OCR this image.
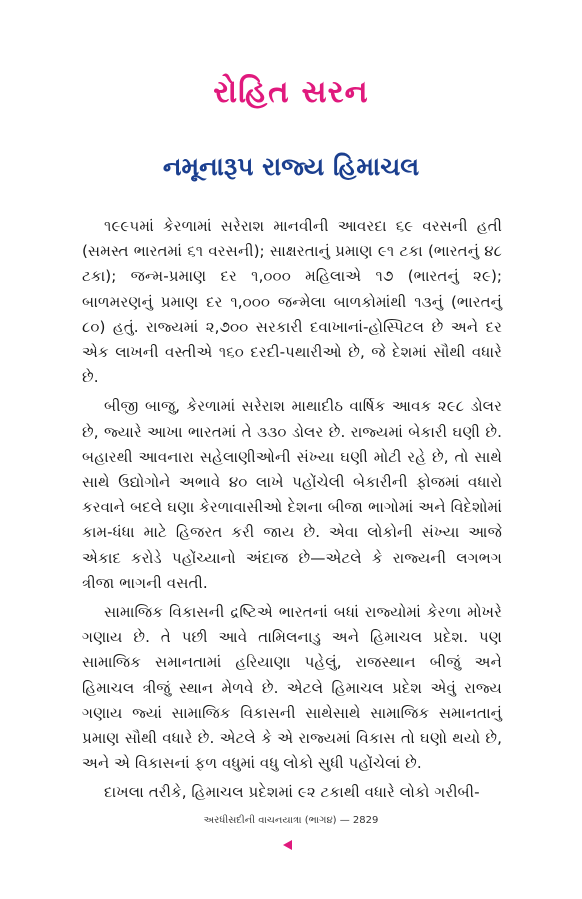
રોહિત સરન
નમૂનારૂપ રાજ્ય હિમાચલ

૧૯૯૫માં કેરળામાં સરેરાશ માનવીની આવરદા ૬૯ વરસની હતી (સમસ્ત ભારતમાં ૬૧ વરસની); સાક્ષરતાનું પ્રમાણ ૯૧ ટકા (ભારતનું ૪૮ ટકા); જન્મ-પ્રમાણ દર ૧,૦૦૦ મહિલાએ ૧૭ (ભારતનું ૨૯); બાળમરણનું પ્રમાણ દર ૧,૦૦૦ જન્મેલા બાળકોમાંથી ૧૩નું (ભારતનું ૮૦) હતું. રાજ્યમાં ૨,૭૦૦ સરકારી દવાખાનાં-હોસ્પિટલ છે અને દર એક લાખની વસ્તીએ ૧૬૦ દરદી-પથારીઓ છે, જે દેશમાં સૌથી વધારે છે.

બીજી બાજુ, કેરળામાં સરેરાશ માથાદીઠ વાર્ષિક આવક ૨૯૮ ડોલર છે, જ્યારે આખા ભારતમાં તે ૩૩૦ ડોલર છે. રાજ્યમાં બેકારી ઘણી છે. બહારથી આવનારા સહેલાણીઓની સંખ્યા ઘણી મોટી રહે છે, તો સાથે સાથે ઉદ્યોગોને અભાવે ૪૦ લાખે પહોંચેલી બેકારીની ફોજમાં વધારો કરવાને બદલે ઘણા કેરળાવાસીઓ દેશના બીજા ભાગોમાં અને વિદેશોમાં કામ-ધંધા માટે હિજરત કરી જાય છે. એવા લોકોની સંખ્યા આજે એકાદ કરોડે પહોંચ્યાનો અંદાજ છે—એટલે કે રાજ્યની લગભગ ત્રીજા ભાગની વસતી.

સામાજિક વિકાસની દ્રષ્ટિએ ભારતનાં બધાં રાજ્યોમાં કેરળા મોખરે ગણાય છે. તે પછી આવે તામિલનાડુ અને હિમાચલ પ્રદેશ. પણ સામાજિક સમાનતામાં હરિયાણા પહેલું, રાજસ્થાન બીજું અને હિમાચલ ત્રીજું સ્થાન મેળવે છે. એટલે હિમાચલ પ્રદેશ એવું રાજ્ય ગણાય જ્યાં સામાજિક વિકાસની સાથેસાથે સામાજિક સમાનતાનું પ્રમાણ સૌથી વધારે છે. એટલે કે એ રાજ્યમાં વિકાસ તો ઘણો થયો છે, અને એ વિકાસનાં ફળ વધુમાં વધુ લોકો સુધી પહોંચેલાં છે.

દાખલા તરીકે, હિમાચલ પ્રદેશમાં ૯૨ ટકાથી વધારે લોકો ગરીબી-

અરધીસદીની વાચનયાત્રા (ભાગ૪) — 2829
